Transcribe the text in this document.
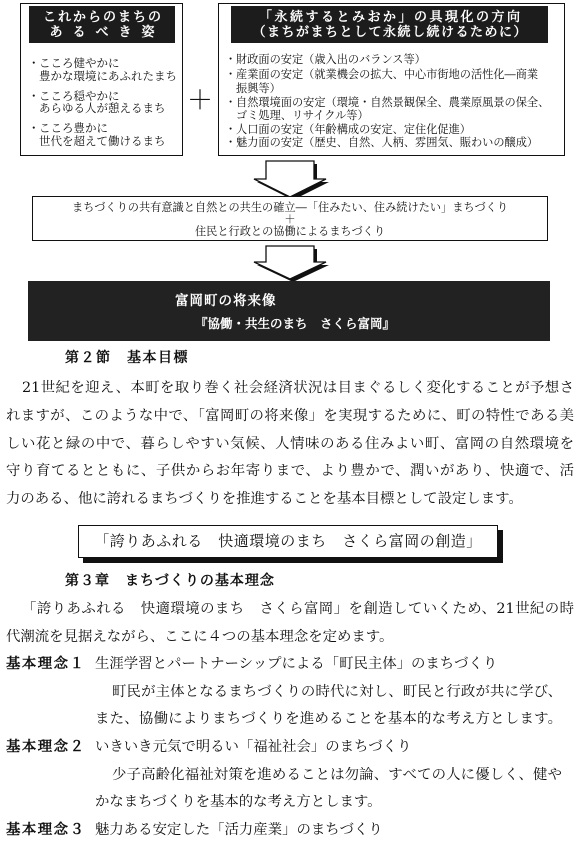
これからのまちの
あるべき姿
・ こころ健やかに
豊かな環境にあふれたまち
・ こころ穏やかに
あらゆる人が憩えるまち
・ こころ豊かに
世代を超えて働けるまち
＋
「永続するとみおか」の具現化の方向
（まちがまちとして永続し続けるために）
・ 財政面の安定（歳入出のバランス等）
・ 産業面の安定（就業機会の拡大、中心市街地の活性化―商業
振興等）
・ 自然環境面の安定（環境・自然景観保全、農業原風景の保全、
ゴミ処理、リサイクル等）
・ 人口面の安定（年齢構成の安定、定住化促進）
・ 魅力面の安定（歴史、自然、人柄、雰囲気、賑わいの醸成）
まちづくりの共有意識と自然との共生の確立―「住みたい、住み続けたい」まちづくり
＋
住民と行政との協働によるまちづくり
富岡町の将来像
『協働・共生のまち　さくら富岡』
第２節　基本目標
21世紀を迎え、本町を取り巻く社会経済状況は目まぐるしく変化することが予想さ
れますが、このような中で、「富岡町の将来像」を実現するために、町の特性である美
しい花と緑の中で、暮らしやすい気候、人情味のある住みよい町、富岡の自然環境を
守り育てるとともに、子供からお年寄りまで、より豊かで、潤いがあり、快適で、活
力のある、他に誇れるまちづくりを推進することを基本目標として設定します。
「誇りあふれる　快適環境のまち　さくら富岡の創造」
第３章　まちづくりの基本理念
「誇りあふれる　快適環境のまち　さくら富岡」を創造していくため、21世紀の時
代潮流を見据えながら、ここに４つの基本理念を定めます。
基本理念１ 生涯学習とパートナーシップによる「町民主体」のまちづくり
町民が主体となるまちづくりの時代に対し、町民と行政が共に学び、
また、協働によりまちづくりを進めることを基本的な考え方とします。
基本理念２ いきいき元気で明るい「福祉社会」のまちづくり
少子高齢化福祉対策を進めることは勿論、すべての人に優しく、健や
かなまちづくりを基本的な考え方とします。
基本理念３ 魅力ある安定した「活力産業」のまちづくり
